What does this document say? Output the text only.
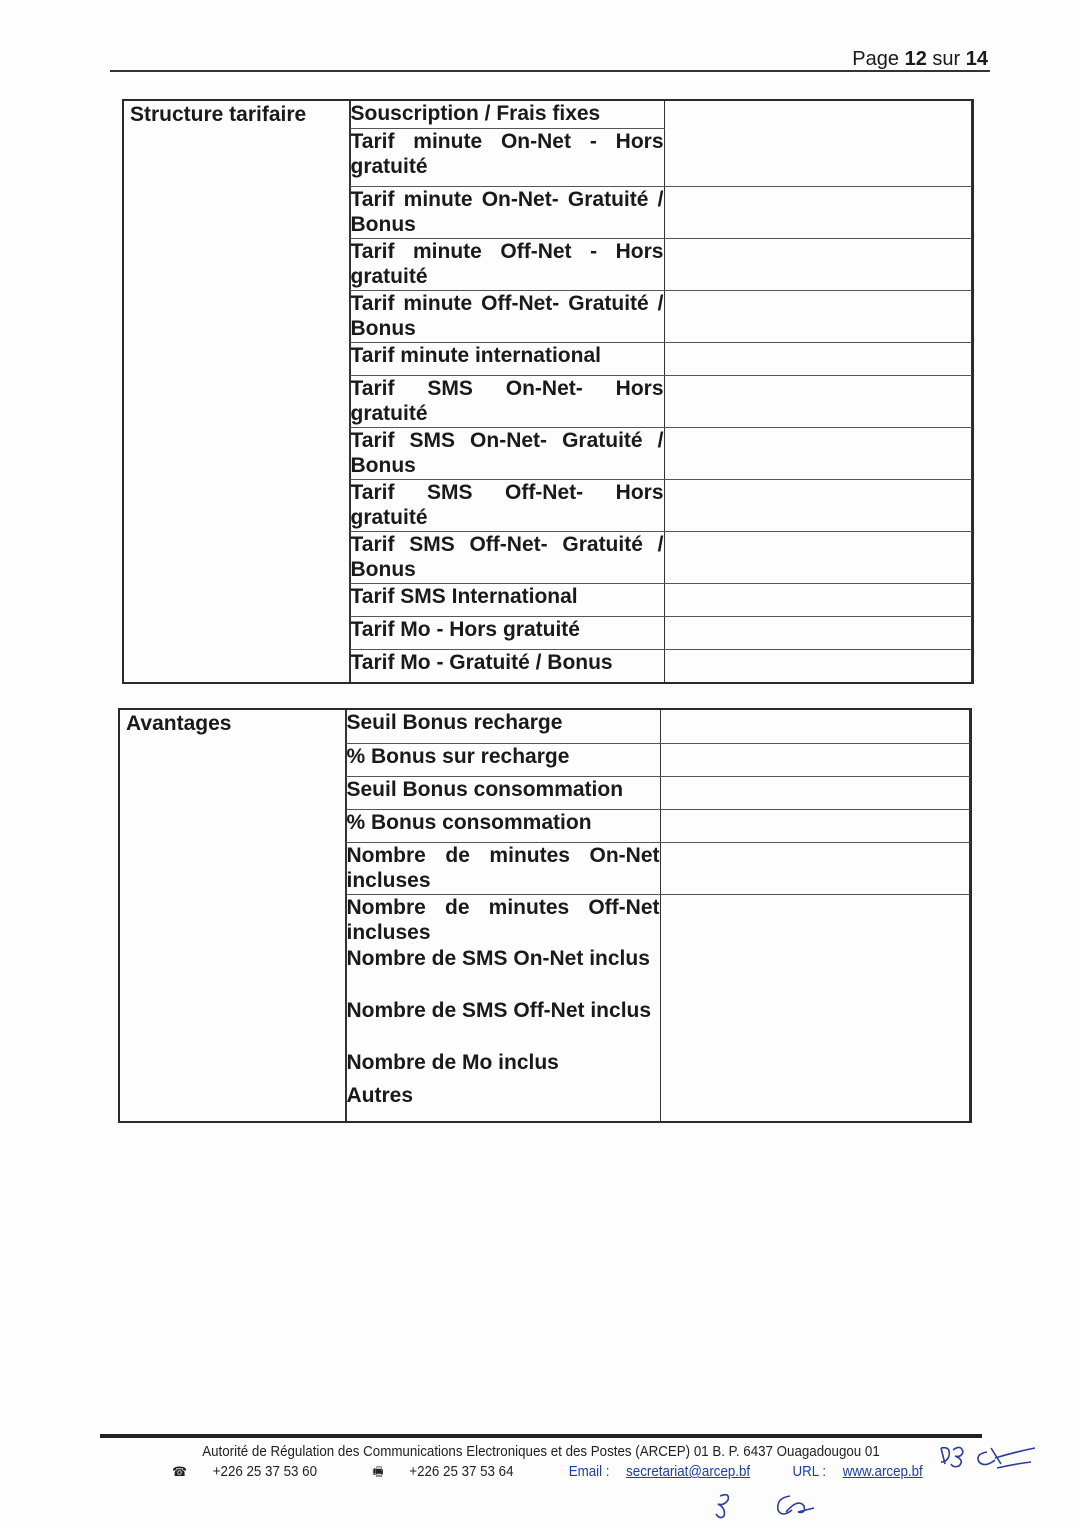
Page 12 sur 14
Structure tarifaire
		Souscription / Frais fixes	
Tarif minute On-Net - Hors gratuité
Tarif minute On-Net- Gratuité / Bonus	
Tarif minute Off-Net - Hors gratuité	
Tarif minute Off-Net- Gratuité / Bonus	
Tarif minute international	
Tarif SMS On-Net- Hors gratuité	
Tarif SMS On-Net- Gratuité / Bonus	
Tarif SMS Off-Net- Hors gratuité	
Tarif SMS Off-Net- Gratuité / Bonus	
Tarif SMS International	
Tarif Mo - Hors gratuité	
Tarif Mo - Gratuité / Bonus	
Avantages
		Seuil Bonus recharge	
% Bonus sur recharge	
Seuil Bonus consommation	
% Bonus consommation	
Nombre de minutes On-Net incluses	
Nombre de minutes Off-Net incluses	
Nombre de SMS On-Net inclus
Nombre de SMS Off-Net inclus
Nombre de Mo inclus
Autres
Autorité de Régulation des Communications Electroniques et des Postes (ARCEP) 01 B. P. 6437 Ouagadougou 01
☎ +226 25 37 53 60	🖷 +226 25 37 53 64	Email : secretariat@arcep.bf	URL : www.arcep.bf
